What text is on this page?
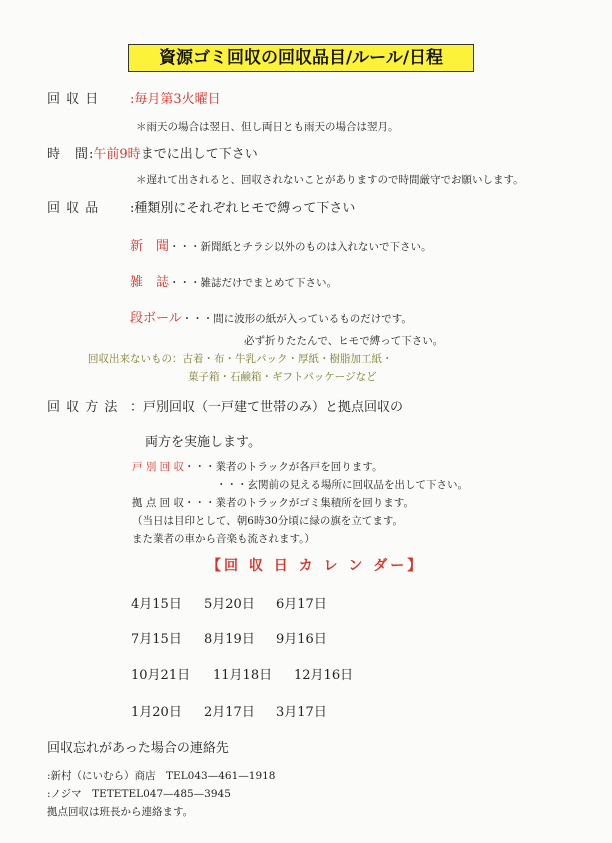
資源ゴミ回収の回収品目/ルール/日程
回 収 日 :毎月第3火曜日
＊雨天の場合は翌日、但し両日とも雨天の場合は翌月。
時　間:午前9時までに出して下さい
＊遅れて出されると、回収されないことがありますので時間厳守でお願いします。
回 収 品 :種類別にそれぞれヒモで縛って下さい
新　聞・・・新聞紙とチラシ以外のものは入れないで下さい。
雑　誌・・・雑誌だけでまとめて下さい。
段ボール・・・間に波形の紙が入っているものだけです。
必ず折りたたんで、ヒモで縛って下さい。
回収出来ないもの：古着・布・牛乳パック・厚紙・樹脂加工紙・
菓子箱・石鹸箱・ギフトパッケージなど
回 収 方 法 ：戸別回収（一戸建て世帯のみ）と拠点回収の
両方を実施します。
戸 別 回 収・・・業者のトラックが各戸を回ります。
・・・玄関前の見える場所に回収品を出して下さい。
拠 点 回 収・・・業者のトラックがゴミ集積所を回ります。
（当日は目印として、朝6時30分頃に緑の旗を立てます。
また業者の車から音楽も流されます。）
【回 収 日 カ レ ン ダー】
4月15日 5月20日 6月17日
7月15日 8月19日 9月16日
10月21日 11月18日 12月16日
1月20日 2月17日 3月17日
回収忘れがあった場合の連絡先
:新村（にいむら）商店　TEL043—461—1918
:ノジマ　TETETEL047—485—3945
拠点回収は班長から連絡ます。
